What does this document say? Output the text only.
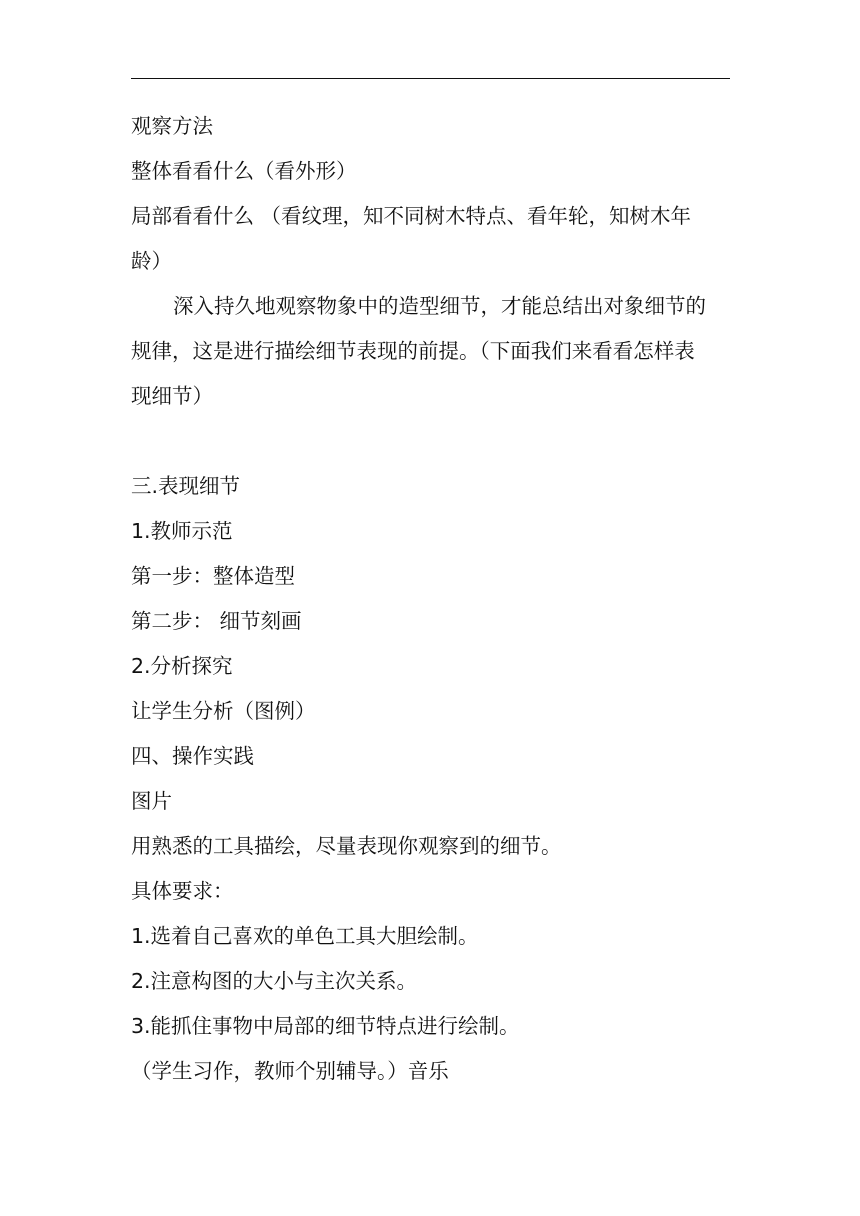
观察方法
整体看看什么（看外形）
局部看看什么 （看纹理，知不同树木特点、看年轮，知树木年
龄）
深入持久地观察物象中的造型细节，才能总结出对象细节的
规律，这是进行描绘细节表现的前提。（下面我们来看看怎样表
现细节）
三.表现细节
1.教师示范
第一步：整体造型
第二步： 细节刻画
2.分析探究
让学生分析（图例）
四、操作实践
图片
用熟悉的工具描绘，尽量表现你观察到的细节。
具体要求：
1.选着自己喜欢的单色工具大胆绘制。
2.注意构图的大小与主次关系。
3.能抓住事物中局部的细节特点进行绘制。
（学生习作，教师个别辅导。）音乐
